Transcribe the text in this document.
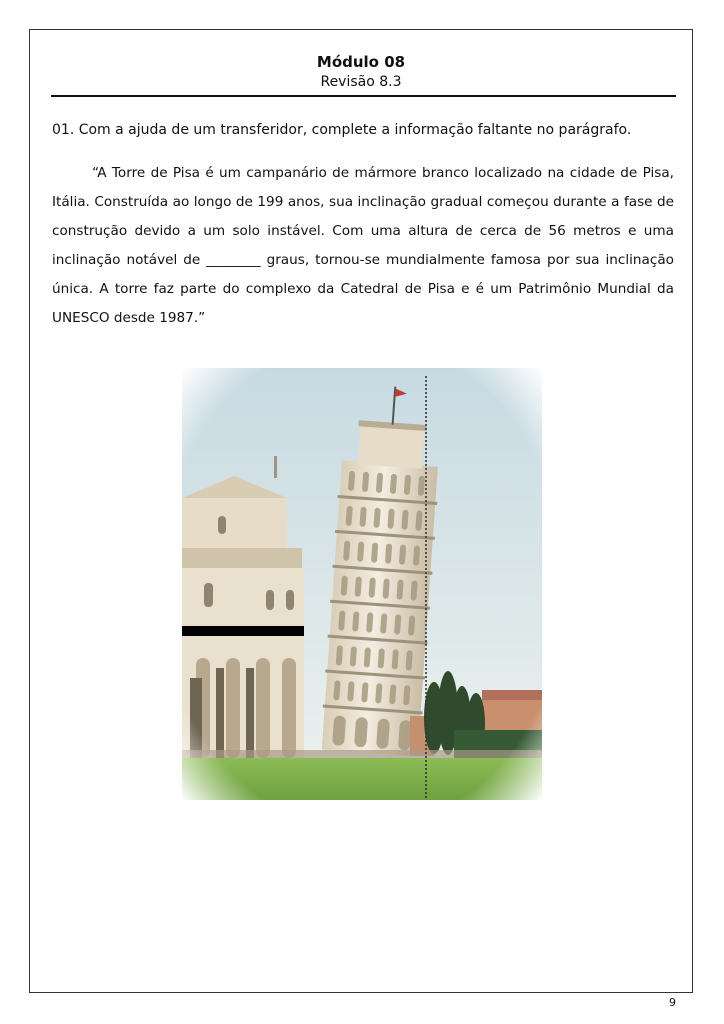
Módulo 08
Revisão 8.3
01. Com a ajuda de um transferidor, complete a informação faltante no parágrafo.
“A Torre de Pisa é um campanário de mármore branco localizado na cidade de Pisa, Itália. Construída ao longo de 199 anos, sua inclinação gradual começou durante a fase de construção devido a um solo instável. Com uma altura de cerca de 56 metros e uma inclinação notável de ________ graus, tornou-se mundialmente famosa por sua inclinação única. A torre faz parte do complexo da Catedral de Pisa e é um Patrimônio Mundial da UNESCO desde 1987.”
9
